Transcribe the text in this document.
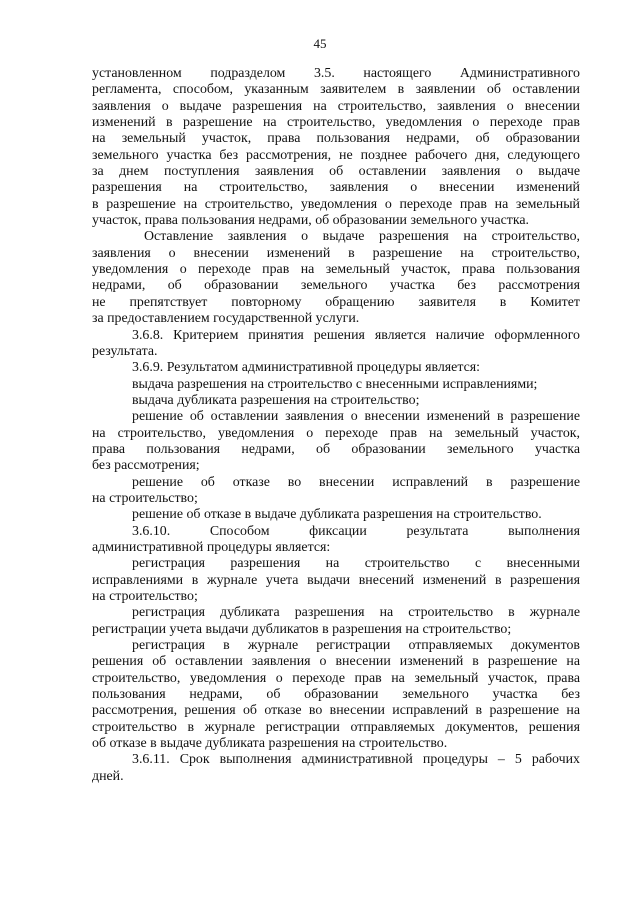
45
установленном подразделом 3.5. настоящего Административного
регламента, способом, указанным заявителем в заявлении об оставлении
заявления о выдаче разрешения на строительство, заявления о внесении
изменений в разрешение на строительство, уведомления о переходе прав
на земельный участок, права пользования недрами, об образовании
земельного участка без рассмотрения, не позднее рабочего дня, следующего
за днем поступления заявления об оставлении заявления о выдаче
разрешения на строительство, заявления о внесении изменений
в разрешение на строительство, уведомления о переходе прав на земельный
участок, права пользования недрами, об образовании земельного участка.
Оставление заявления о выдаче разрешения на строительство,
заявления о внесении изменений в разрешение на строительство,
уведомления о переходе прав на земельный участок, права пользования
недрами, об образовании земельного участка без рассмотрения
не препятствует повторному обращению заявителя в Комитет
за предоставлением государственной услуги.
3.6.8. Критерием принятия решения является наличие оформленного
результата.
3.6.9. Результатом административной процедуры является:
выдача разрешения на строительство с внесенными исправлениями;
выдача дубликата разрешения на строительство;
решение об оставлении заявления о внесении изменений в разрешение
на строительство, уведомления о переходе прав на земельный участок,
права пользования недрами, об образовании земельного участка
без рассмотрения;
решение об отказе во внесении исправлений в разрешение
на строительство;
решение об отказе в выдаче дубликата разрешения на строительство.
3.6.10. Способом фиксации результата выполнения
административной процедуры является:
регистрация разрешения на строительство с внесенными
исправлениями в журнале учета выдачи внесений изменений в разрешения
на строительство;
регистрация дубликата разрешения на строительство в журнале
регистрации учета выдачи дубликатов в разрешения на строительство;
регистрация в журнале регистрации отправляемых документов
решения об оставлении заявления о внесении изменений в разрешение на
строительство, уведомления о переходе прав на земельный участок, права
пользования недрами, об образовании земельного участка без
рассмотрения, решения об отказе во внесении исправлений в разрешение на
строительство в журнале регистрации отправляемых документов, решения
об отказе в выдаче дубликата разрешения на строительство.
3.6.11. Срок выполнения административной процедуры – 5 рабочих
дней.
